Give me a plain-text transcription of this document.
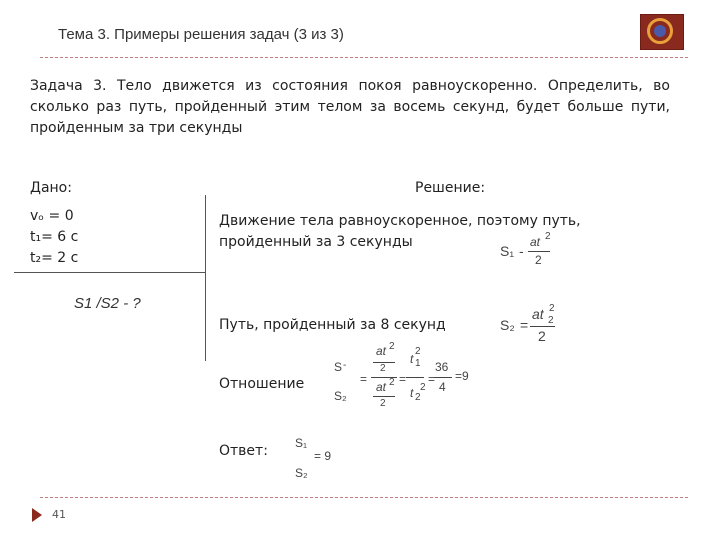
Тема 3. Примеры решения задач (3 из 3)
Задача 3. Тело движется из состояния покоя равноускоренно. Определить, во сколько раз путь, пройденный этим телом за восемь секунд, будет больше пути, пройденным за три секунды
Дано:	Решение:
vₒ = 0
t₁= 6 с
t₂= 2 с
S1 /S2 - ?
Движение тела равноускоренное, поэтому путь,
пройденный за 3 секунды
Путь, пройденный за 8 секунд
Отношение
Ответ:
S₁ -
at 2
2
S₂ =
at 2
2
2
S -
=
S₂
at 2
2
at 2
2
=
t
2
1
t 2
2
=
36
4
=9
S₁
= 9
S₂
41
